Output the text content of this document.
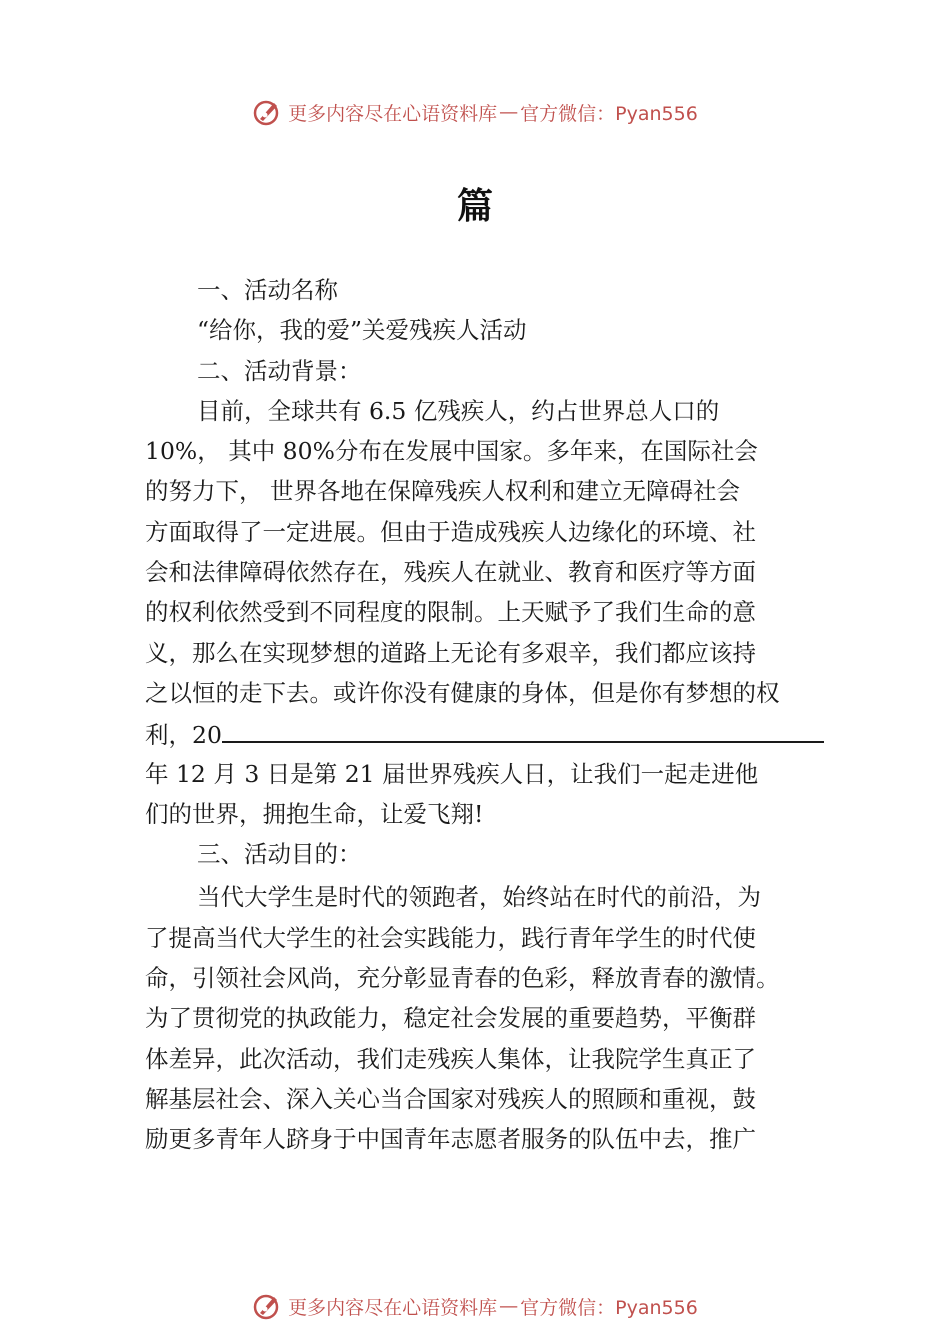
更多内容尽在心语资料库 — 官方微信：Pyan556
篇
一、活动名称
“给你，我的爱”关爱残疾人活动
二、活动背景：
目前，全球共有 6.5 亿残疾人，约占世界总人口的
10%， 其中 80%分布在发展中国家。多年来，在国际社会
的努力下， 世界各地在保障残疾人权利和建立无障碍社会
方面取得了一定进展。但由于造成残疾人边缘化的环境、社
会和法律障碍依然存在，残疾人在就业、教育和医疗等方面
的权利依然受到不同程度的限制。上天赋予了我们生命的意
义，那么在实现梦想的道路上无论有多艰辛，我们都应该持
之以恒的走下去。或许你没有健康的身体，但是你有梦想的权
利，20
年 12 月 3 日是第 21 届世界残疾人日，让我们一起走进他
们的世界，拥抱生命，让爱飞翔!
三、活动目的：
当代大学生是时代的领跑者，始终站在时代的前沿，为
了提高当代大学生的社会实践能力，践行青年学生的时代使
命，引领社会风尚，充分彰显青春的色彩，释放青春的激情。
为了贯彻党的执政能力，稳定社会发展的重要趋势，平衡群
体差异，此次活动，我们走残疾人集体，让我院学生真正了
解基层社会、深入关心当合国家对残疾人的照顾和重视，鼓
励更多青年人跻身于中国青年志愿者服务的队伍中去，推广
更多内容尽在心语资料库 — 官方微信：Pyan556
